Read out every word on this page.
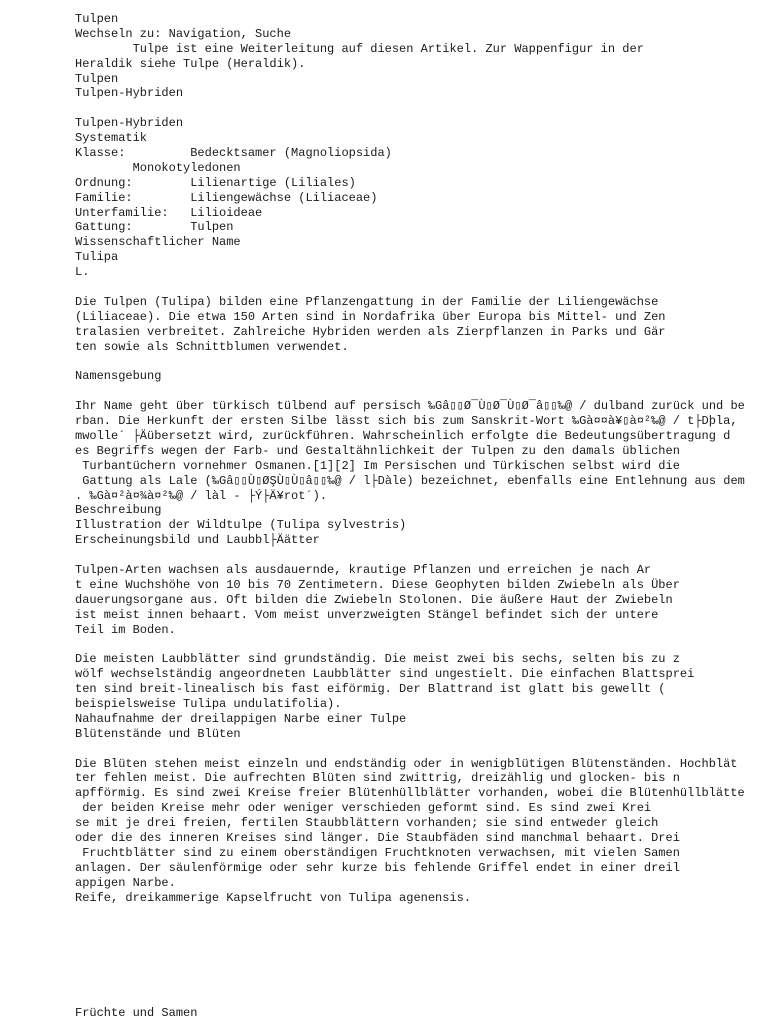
Tulpen
Wechseln zu: Navigation, Suche
Tulpe ist eine Weiterleitung auf diesen Artikel. Zur Wappenfigur in der
Heraldik siehe Tulpe (Heraldik).
Tulpen
Tulpen-Hybriden
Tulpen-Hybriden
Systematik
Klasse:         Bedecktsamer (Magnoliopsida)
Monokotyledonen
Ordnung:        Lilienartige (Liliales)
Familie:        Liliengewächse (Liliaceae)
Unterfamilie:   Lilioideae
Gattung:        Tulpen
Wissenschaftlicher Name
Tulipa
L.
Die Tulpen (Tulipa) bilden eine Pflanzengattung in der Familie der Liliengewächse
(Liliaceae). Die etwa 150 Arten sind in Nordafrika über Europa bis Mittel- und Zen
tralasien verbreitet. Zahlreiche Hybriden werden als Zierpflanzen in Parks und Gär
ten sowie als Schnittblumen verwendet.
Namensgebung
Ihr Name geht über türkisch tülbend auf persisch ‰Gâ▯▯Ø¯Ù▯Ø¯Ù▯Ø¯â▯▯‰@ / dulband zurück und be
rban. Die Herkunft der ersten Silbe lässt sich bis zum Sanskrit-Wort ‰Gà¤¤à¥▯à¤²‰@ / t├Dþla,
mwolle´ ├Äübersetzt wird, zurückführen. Wahrscheinlich erfolgte die Bedeutungsübertragung d
es Begriffs wegen der Farb- und Gestaltähnlichkeit der Tulpen zu den damals üblichen
Turbantüchern vornehmer Osmanen.[1][2] Im Persischen und Türkischen selbst wird die
Gattung als Lale (‰Gâ▯▯Ù▯ØŞÙ▯Ù▯â▯▯‰@ / l├Dàle) bezeichnet, ebenfalls eine Entlehnung aus dem
. ‰Gà¤²à¤¾à¤²‰@ / làl - ├Ý├Ä¥rot´).
Beschreibung
Illustration der Wildtulpe (Tulipa sylvestris)
Erscheinungsbild und Laubbl├Äätter
Tulpen-Arten wachsen als ausdauernde, krautige Pflanzen und erreichen je nach Ar
t eine Wuchshöhe von 10 bis 70 Zentimetern. Diese Geophyten bilden Zwiebeln als Über
dauerungsorgane aus. Oft bilden die Zwiebeln Stolonen. Die äußere Haut der Zwiebeln
ist meist innen behaart. Vom meist unverzweigten Stängel befindet sich der untere
Teil im Boden.
Die meisten Laubblätter sind grundständig. Die meist zwei bis sechs, selten bis zu z
wölf wechselständig angeordneten Laubblätter sind ungestielt. Die einfachen Blattsprei
ten sind breit-linealisch bis fast eiförmig. Der Blattrand ist glatt bis gewellt (
beispielsweise Tulipa undulatifolia).
Nahaufnahme der dreilappigen Narbe einer Tulpe
Blütenstände und Blüten
Die Blüten stehen meist einzeln und endständig oder in wenigblütigen Blütenständen. Hochblät
ter fehlen meist. Die aufrechten Blüten sind zwittrig, dreizählig und glocken- bis n
apfförmig. Es sind zwei Kreise freier Blütenhüllblätter vorhanden, wobei die Blütenhüllblätte
der beiden Kreise mehr oder weniger verschieden geformt sind. Es sind zwei Krei
se mit je drei freien, fertilen Staubblättern vorhanden; sie sind entweder gleich
oder die des inneren Kreises sind länger. Die Staubfäden sind manchmal behaart. Drei
Fruchtblätter sind zu einem oberständigen Fruchtknoten verwachsen, mit vielen Samen
anlagen. Der säulenförmige oder sehr kurze bis fehlende Griffel endet in einer dreil
appigen Narbe.
Reife, dreikammerige Kapselfrucht von Tulipa agenensis.
Früchte und Samen
